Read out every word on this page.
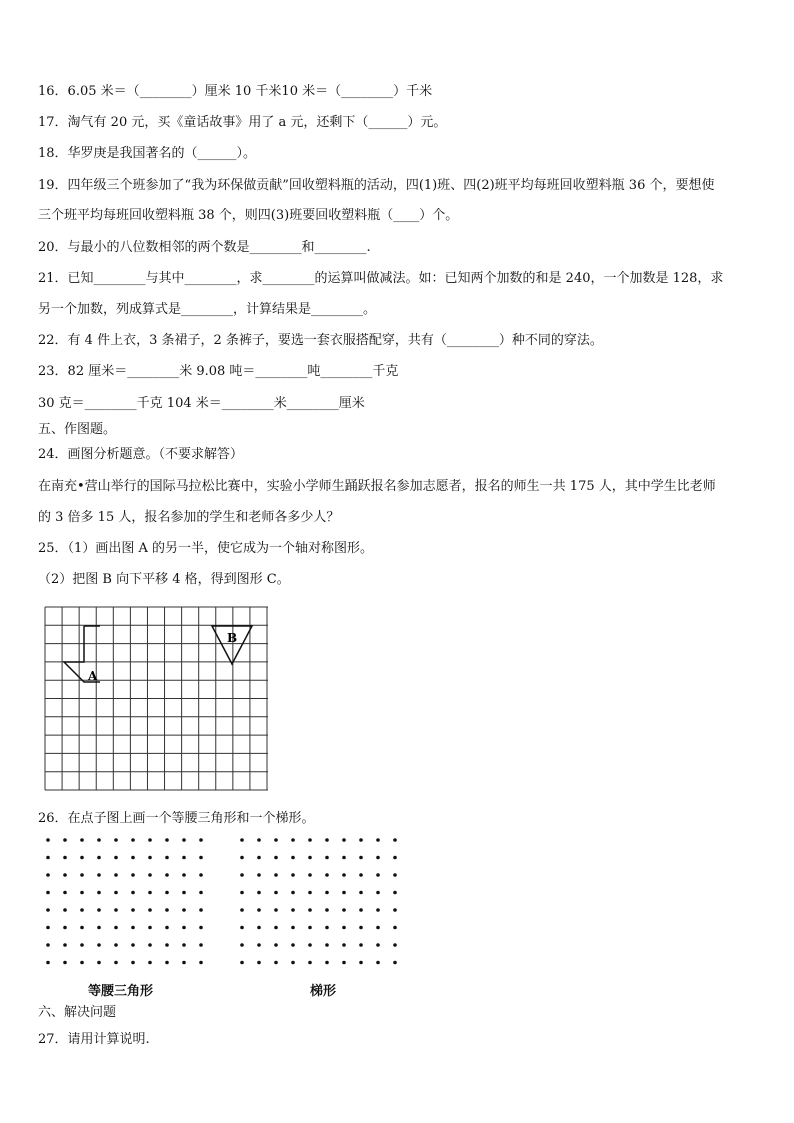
16．6.05 米＝（________）厘米 10 千米10 米＝（________）千米
17．淘气有 20 元，买《童话故事》用了 a 元，还剩下（______）元。
18．华罗庚是我国著名的（______）。
19．四年级三个班参加了“我为环保做贡献”回收塑料瓶的活动，四(1)班、四(2)班平均每班回收塑料瓶 36 个，要想使
三个班平均每班回收塑料瓶 38 个，则四(3)班要回收塑料瓶（____）个。
20．与最小的八位数相邻的两个数是________和________.
21．已知________与其中________，求________的运算叫做减法。如：已知两个加数的和是 240，一个加数是 128，求
另一个加数，列成算式是________，计算结果是________。
22．有 4 件上衣，3 条裙子，2 条裤子，要选一套衣服搭配穿，共有（________）种不同的穿法。
23．82 厘米＝________米 9.08 吨＝________吨________千克
30 克＝________千克 104 米＝________米________厘米
五、作图题。
24．画图分析题意。（不要求解答）
在南充•营山举行的国际马拉松比赛中，实验小学师生踊跃报名参加志愿者，报名的师生一共 175 人，其中学生比老师
的 3 倍多 15 人，报名参加的学生和老师各多少人？
25．（1）画出图 A 的另一半，使它成为一个轴对称图形。
（2）把图 B 向下平移 4 格，得到图形 C。
A
B
26．在点子图上画一个等腰三角形和一个梯形。
等腰三角形	梯形
六、解决问题
27．请用计算说明.
